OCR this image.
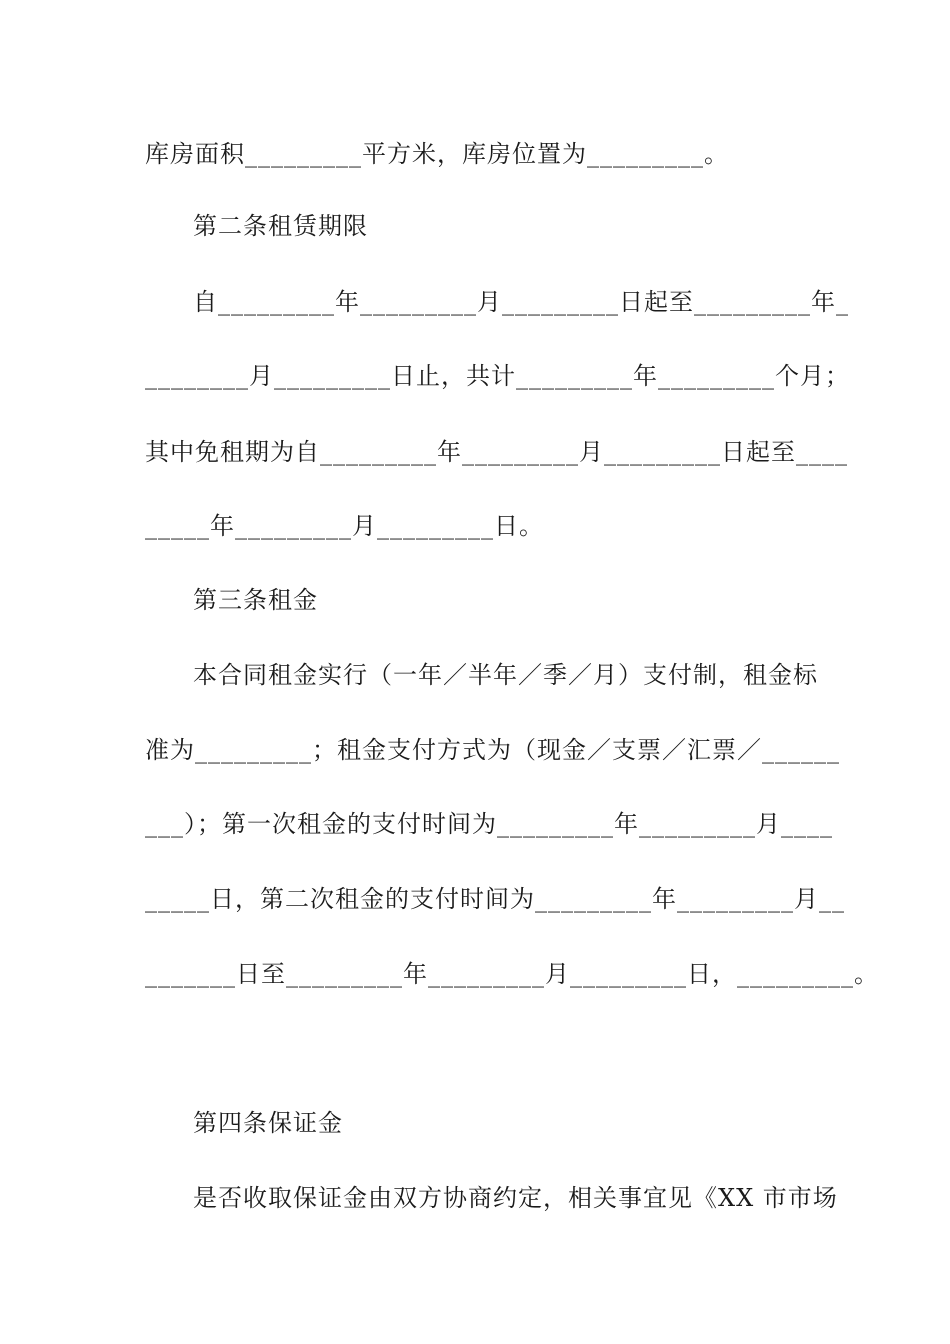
库房面积_________平方米，库房位置为_________。
第二条租赁期限
自_________年_________月_________日起至_________年_
________月_________日止，共计_________年_________个月；
其中免租期为自_________年_________月_________日起至____
_____年_________月_________日。
第三条租金
本合同租金实行（一年／半年／季／月）支付制，租金标
准为_________；租金支付方式为（现金／支票／汇票／______
___）；第一次租金的支付时间为_________年_________月____
_____日，第二次租金的支付时间为_________年_________月__
_______日至_________年_________月_________日，_________。
第四条保证金
是否收取保证金由双方协商约定，相关事宜见《XX 市市场
